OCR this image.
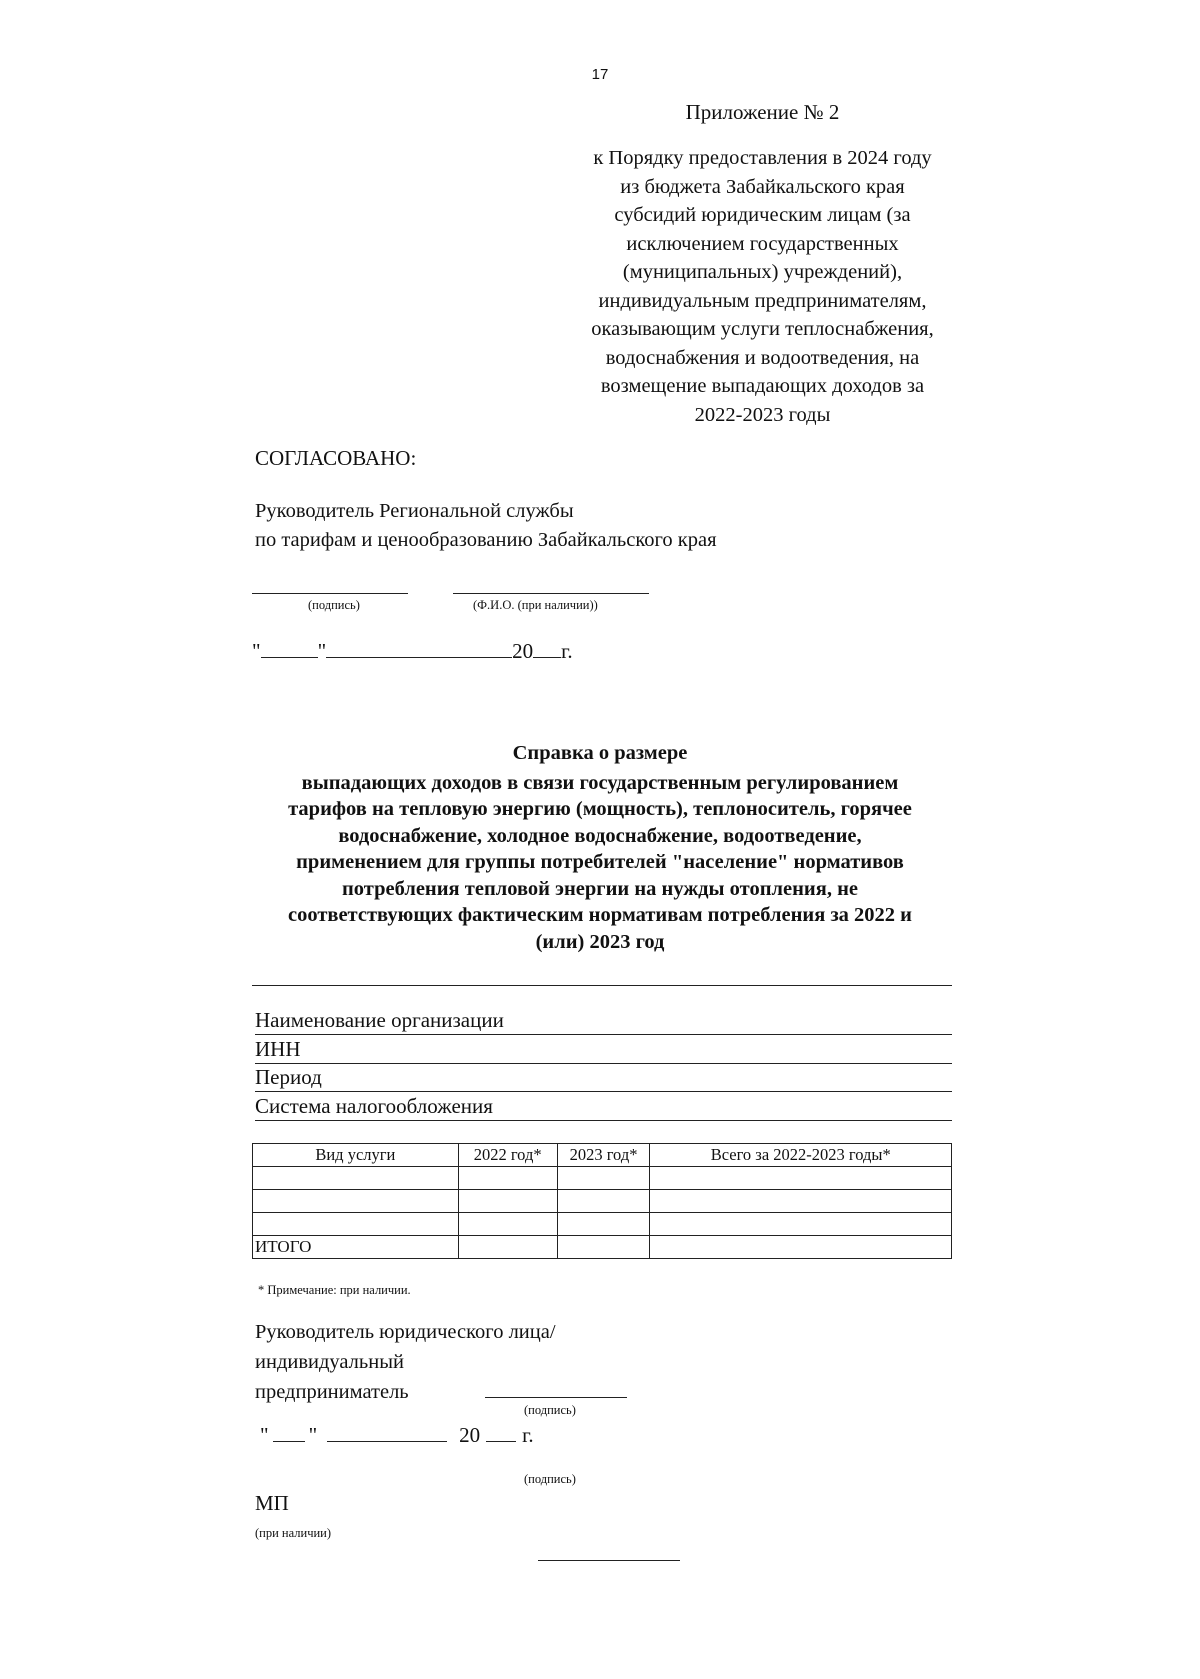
17
Приложение № 2
к Порядку предоставления в 2024 году
из бюджета Забайкальского края
субсидий юридическим лицам (за
исключением государственных
(муниципальных) учреждений),
индивидуальным предпринимателям,
оказывающим услуги теплоснабжения,
водоснабжения и водоотведения, на
возмещение выпадающих доходов за
2022-2023 годы
СОГЛАСОВАНО:
Руководитель Региональной службы
по тарифам и ценообразованию Забайкальского края
(подпись)	(Ф.И.О. (при наличии))
"	"	20 г.
Справка о размере
выпадающих доходов в связи государственным регулированием
тарифов на тепловую энергию (мощность), теплоноситель, горячее
водоснабжение, холодное водоснабжение, водоотведение,
применением для группы потребителей "население" нормативов
потребления тепловой энергии на нужды отопления, не
соответствующих фактическим нормативам потребления за 2022 и
(или) 2023 год
Наименование организации
ИНН
Период
Система налогообложения
Вид услуги	2022 год*	2023 год*	Всего за 2022-2023 годы*

ИТОГО			
* Примечание: при наличии.
Руководитель юридического лица/
индивидуальный
предприниматель
(подпись)
" "	20 г.
(подпись)
МП
(при наличии)
